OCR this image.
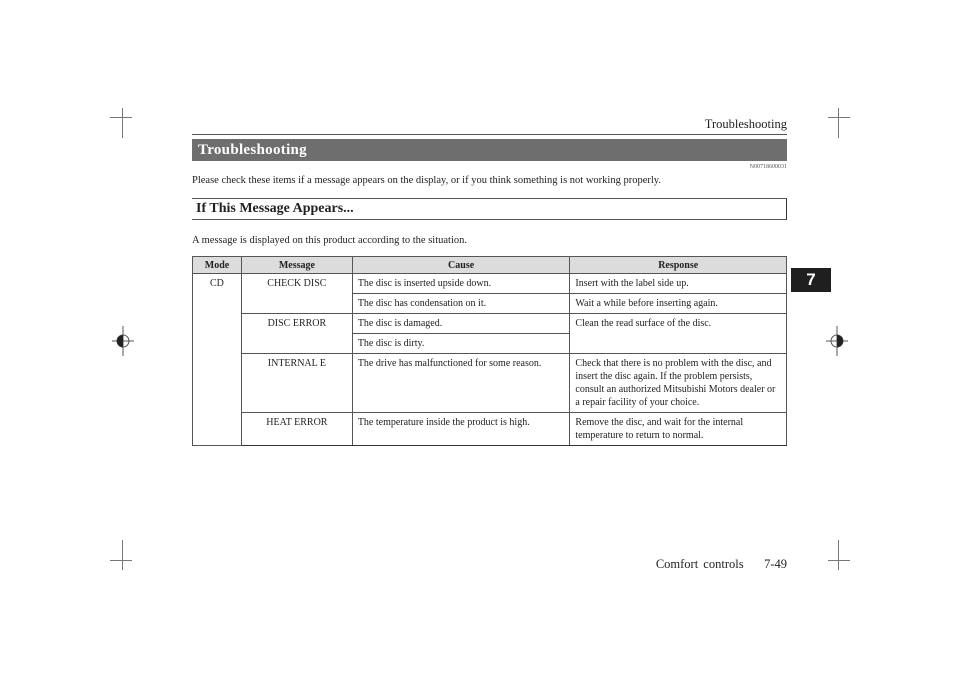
Troubleshooting
Troubleshooting
N00718600031
Please check these items if a message appears on the display, or if you think something is not working properly.
If This Message Appears...
A message is displayed on this product according to the situation.
7
Mode	Message	Cause	Response
CD	CHECK DISC	The disc is inserted upside down.	Insert with the label side up.
		The disc has condensation on it.	Wait a while before inserting again.
	DISC ERROR	The disc is damaged.	Clean the read surface of the disc.
		The disc is dirty.	
	INTERNAL E	The drive has malfunctioned for some reason.	Check that there is no problem with the disc, and insert the disc again. If the problem persists, consult an authorized Mitsubishi Motors dealer or a repair facility of your choice.
	HEAT ERROR	The temperature inside the product is high.	Remove the disc, and wait for the internal temperature to return to normal.
Comfort controls    7-49
